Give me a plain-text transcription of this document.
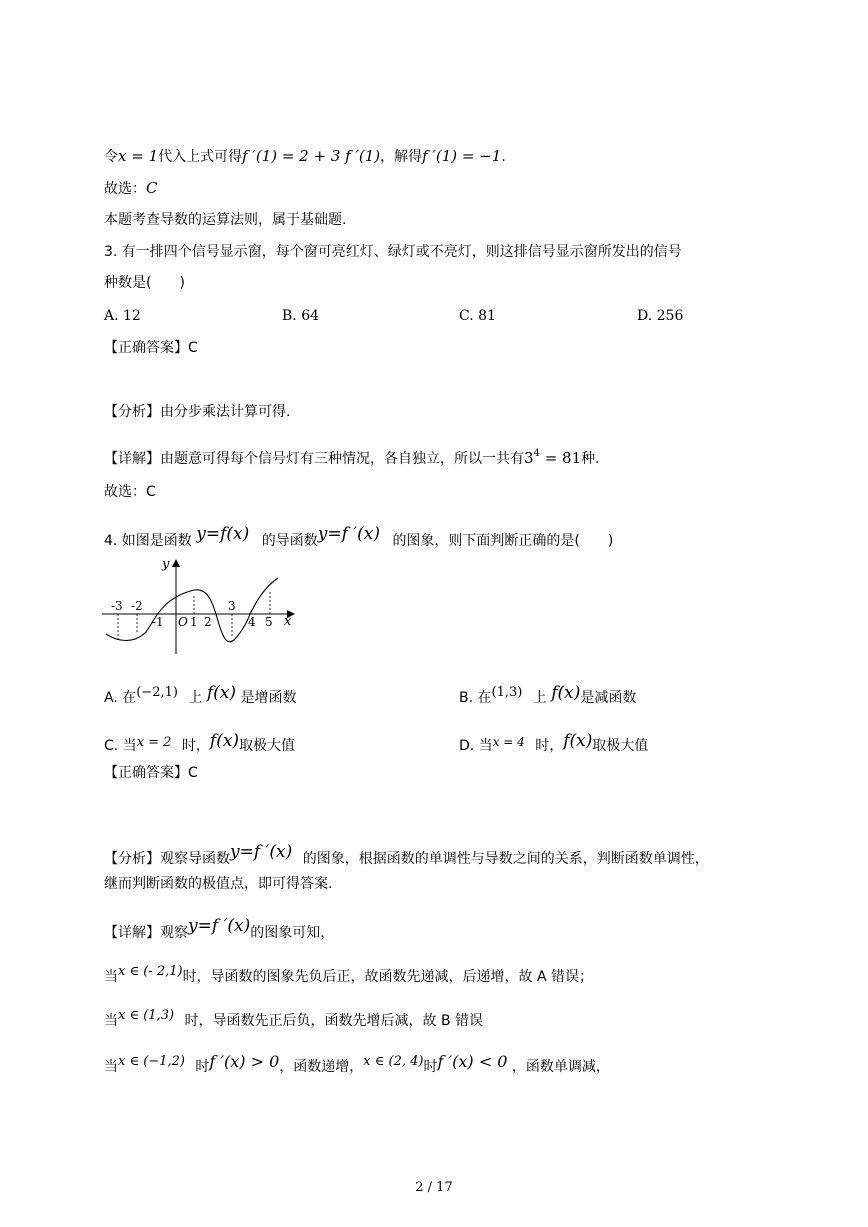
令x = 1代入上式可得f ′(1) = 2 + 3 f ′(1)，解得f ′(1) = −1.
故选：C
本题考查导数的运算法则，属于基础题.
3. 有一排四个信号显示窗，每个窗可亮红灯、绿灯或不亮灯，则这排信号显示窗所发出的信号
种数是(　　)
A. 12	B. 64	C. 81	D. 256
【正确答案】C
【分析】由分步乘法计算可得.
【详解】由题意可得每个信号灯有三种情况，各自独立，所以一共有$3^4 = 81$种.
故选：C
4. 如图是函数 y=f(x) 的导函数y=f ′(x) 的图象，则下面判断正确的是(　　)
y
x
O
-3 -2	3
-1 1 2	4 5
A. 在(−2,1) 上 f(x) 是增函数	B. 在(1,3) 上 f(x)是减函数
C. 当x = 2 时，f(x)取极大值	D. 当x = 4 时，f(x)取极大值
【正确答案】C
【分析】观察导函数y=f ′(x) 的图象，根据函数的单调性与导数之间的关系，判断函数单调性，
继而判断函数的极值点，即可得答案.
【详解】观察y=f ′(x)的图象可知，
当x ∈ (- 2,1)时，导函数的图象先负后正，故函数先递减，后递增，故 A 错误；
当x ∈ (1,3) 时，导函数先正后负，函数先增后减，故 B 错误
当x ∈ (−1,2) 时f ′(x) > 0，函数递增，x ∈ (2, 4)时f ′(x) < 0 ，函数单调减，
2 / 17
